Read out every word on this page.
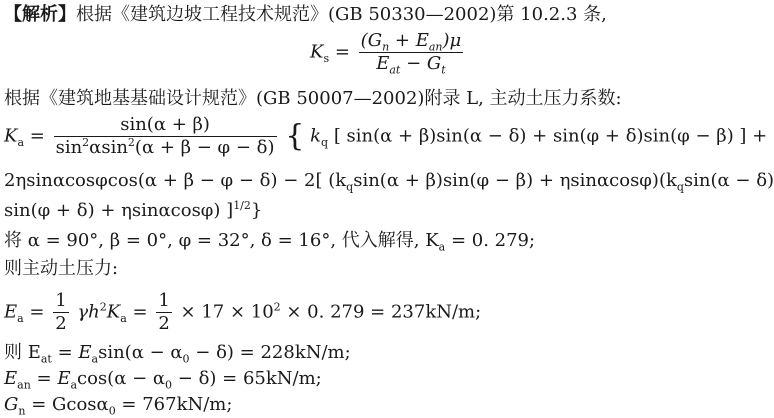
【解析】根据《建筑边坡工程技术规范》(GB 50330—2002)第 10.2.3 条,
$K_s = \frac{(G_n + E_{an})\mu}{E_{at} - G_t}$
根据《建筑地基基础设计规范》(GB 50007—2002)附录 L, 主动土压力系数:
$K_a = \frac{\sin(\alpha + \beta)}{\sin^2\alpha\sin^2(\alpha + \beta - \varphi - \delta)}$ { $k_q$ [ sin(α + β)sin(α − δ) + sin(φ + δ)sin(φ − β) ] +
2ηsinαcosφcos(α + β − φ − δ) − 2[ $(k_q\sin(\alpha + \beta)\sin(\varphi - \beta) + \eta\sin\alpha\cos\varphi)(k_q\sin(\alpha - \delta)$
sin(φ + δ) + ηsinαcosφ) ]$^{1/2}$}
将 α = 90°, β = 0°, φ = 32°, δ = 16°, 代入解得, $K_a = 0$. 279;
则主动土压力:
$E_a = \frac{1}{2} \gamma h^2K_a = \frac{1}{2} \times 17 \times 10^2 \times 0$. 279 = 237kN/m;
则 $E_{at} = E_a\sin(\alpha - \alpha_0 - \delta) = 228kN/m$;
$E_{an} = E_a\cos(\alpha - \alpha_0 - \delta) = 65kN/m$;
$G_n = Gcos\alpha_0 = 767kN/m$;
